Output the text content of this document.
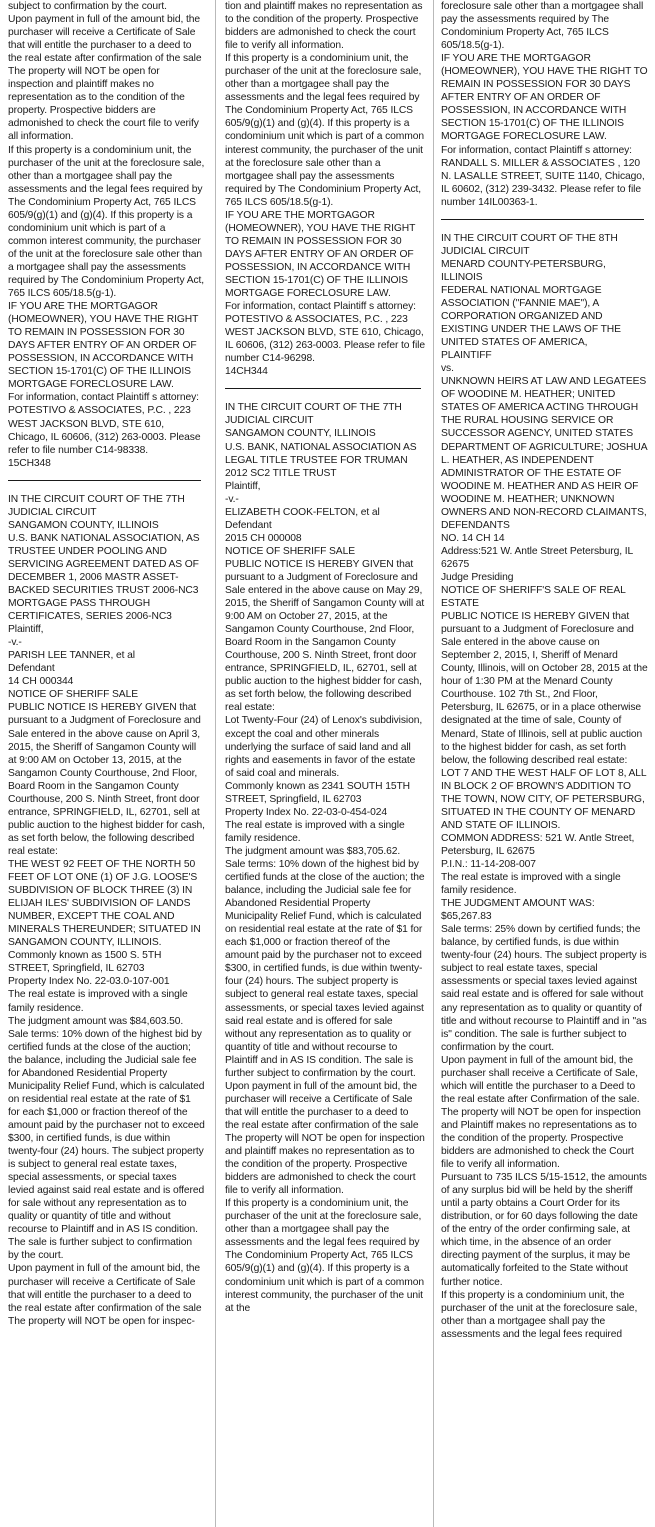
subject to confirmation by the court.
Upon payment in full of the amount bid, the purchaser will receive a Certificate of Sale that will entitle the purchaser to a deed to the real estate after confirmation of the sale

The property will NOT be open for inspection and plaintiff makes no representation as to the condition of the property. Prospective bidders are admonished to check the court file to verify all information.

If this property is a condominium unit, the purchaser of the unit at the foreclosure sale, other than a mortgagee shall pay the assessments and the legal fees required by The Condominium Property Act, 765 ILCS 605/9(g)(1) and (g)(4). If this property is a condominium unit which is part of a common interest community, the purchaser of the unit at the foreclosure sale other than a mortgagee shall pay the assessments required by The Condominium Property Act, 765 ILCS 605/18.5(g-1).

IF YOU ARE THE MORTGAGOR (HOMEOWNER), YOU HAVE THE RIGHT TO REMAIN IN POSSESSION FOR 30 DAYS AFTER ENTRY OF AN ORDER OF POSSESSION, IN ACCORDANCE WITH SECTION 15-1701(C) OF THE ILLINOIS MORTGAGE FORECLOSURE LAW.

For information, contact Plaintiff s attorney: POTESTIVO & ASSOCIATES, P.C. , 223 WEST JACKSON BLVD, STE 610, Chicago, IL 60606, (312) 263-0003. Please refer to file number C14-98338.

15CH348

IN THE CIRCUIT COURT OF THE 7TH JUDICIAL CIRCUIT
SANGAMON COUNTY, ILLINOIS
U.S. BANK NATIONAL ASSOCIATION, AS TRUSTEE UNDER POOLING AND SERVICING AGREEMENT DATED AS OF DECEMBER 1, 2006 MASTR ASSET-BACKED SECURITIES TRUST 2006-NC3 MORTGAGE PASS THROUGH CERTIFICATES, SERIES 2006-NC3
Plaintiff,
-v.-
PARISH LEE TANNER, et al
Defendant
14 CH 000344
NOTICE OF SHERIFF SALE

PUBLIC NOTICE IS HEREBY GIVEN that pursuant to a Judgment of Foreclosure and Sale entered in the above cause on April 3, 2015, the Sheriff of Sangamon County will at 9:00 AM on October 13, 2015, at the Sangamon County Courthouse, 2nd Floor, Board Room in the Sangamon County Courthouse, 200 S. Ninth Street, front door entrance, SPRINGFIELD, IL, 62701, sell at public auction to the highest bidder for cash, as set forth below, the following described real estate:

THE WEST 92 FEET OF THE NORTH 50 FEET OF LOT ONE (1) OF J.G. LOOSE'S SUBDIVISION OF BLOCK THREE (3) IN ELIJAH ILES' SUBDIVISION OF LANDS NUMBER, EXCEPT THE COAL AND MINERALS THEREUNDER; SITUATED IN SANGAMON COUNTY, ILLINOIS.

Commonly known as 1500 S. 5TH STREET, Springfield, IL 62703
Property Index No. 22-03.0-107-001

The real estate is improved with a single family residence.

The judgment amount was $84,603.50.

Sale terms: 10% down of the highest bid by certified funds at the close of the auction; the balance, including the Judicial sale fee for Abandoned Residential Property Municipality Relief Fund, which is calculated on residential real estate at the rate of $1 for each $1,000 or fraction thereof of the amount paid by the purchaser not to exceed $300, in certified funds, is due within twenty-four (24) hours. The subject property is subject to general real estate taxes, special assessments, or special taxes levied against said real estate and is offered for sale without any representation as to quality or quantity of title and without recourse to Plaintiff and in AS IS condition. The sale is further subject to confirmation by the court.

Upon payment in full of the amount bid, the purchaser will receive a Certificate of Sale that will entitle the purchaser to a deed to the real estate after confirmation of the sale

The property will NOT be open for inspec-

tion and plaintiff makes no representation as to the condition of the property. Prospective bidders are admonished to check the court file to verify all information.

If this property is a condominium unit, the purchaser of the unit at the foreclosure sale, other than a mortgagee shall pay the assessments and the legal fees required by The Condominium Property Act, 765 ILCS 605/9(g)(1) and (g)(4). If this property is a condominium unit which is part of a common interest community, the purchaser of the unit at the foreclosure sale other than a mortgagee shall pay the assessments required by The Condominium Property Act, 765 ILCS 605/18.5(g-1).

IF YOU ARE THE MORTGAGOR (HOMEOWNER), YOU HAVE THE RIGHT TO REMAIN IN POSSESSION FOR 30 DAYS AFTER ENTRY OF AN ORDER OF POSSESSION, IN ACCORDANCE WITH SECTION 15-1701(C) OF THE ILLINOIS MORTGAGE FORECLOSURE LAW.

For information, contact Plaintiff s attorney: POTESTIVO & ASSOCIATES, P.C. , 223 WEST JACKSON BLVD, STE 610, Chicago, IL 60606, (312) 263-0003. Please refer to file number C14-96298.

14CH344

IN THE CIRCUIT COURT OF THE 7TH JUDICIAL CIRCUIT
SANGAMON COUNTY, ILLINOIS
U.S. BANK, NATIONAL ASSOCIATION AS LEGAL TITLE TRUSTEE FOR TRUMAN 2012 SC2 TITLE TRUST
Plaintiff,
-v.-
ELIZABETH COOK-FELTON, et al
Defendant
2015 CH 000008
NOTICE OF SHERIFF SALE

PUBLIC NOTICE IS HEREBY GIVEN that pursuant to a Judgment of Foreclosure and Sale entered in the above cause on May 29, 2015, the Sheriff of Sangamon County will at 9:00 AM on October 27, 2015, at the Sangamon County Courthouse, 2nd Floor, Board Room in the Sangamon County Courthouse, 200 S. Ninth Street, front door entrance, SPRINGFIELD, IL, 62701, sell at public auction to the highest bidder for cash, as set forth below, the following described real estate:

Lot Twenty-Four (24) of Lenox's subdivision, except the coal and other minerals underlying the surface of said land and all rights and easements in favor of the estate of said coal and minerals.

Commonly known as 2341 SOUTH 15TH STREET, Springfield, IL 62703
Property Index No. 22-03-0-454-024

The real estate is improved with a single family residence.

The judgment amount was $83,705.62.

Sale terms: 10% down of the highest bid by certified funds at the close of the auction; the balance, including the Judicial sale fee for Abandoned Residential Property Municipality Relief Fund, which is calculated on residential real estate at the rate of $1 for each $1,000 or fraction thereof of the amount paid by the purchaser not to exceed $300, in certified funds, is due within twenty-four (24) hours. The subject property is subject to general real estate taxes, special assessments, or special taxes levied against said real estate and is offered for sale without any representation as to quality or quantity of title and without recourse to Plaintiff and in AS IS condition. The sale is further subject to confirmation by the court.

Upon payment in full of the amount bid, the purchaser will receive a Certificate of Sale that will entitle the purchaser to a deed to the real estate after confirmation of the sale

The property will NOT be open for inspection and plaintiff makes no representation as to the condition of the property. Prospective bidders are admonished to check the court file to verify all information.

If this property is a condominium unit, the purchaser of the unit at the foreclosure sale, other than a mortgagee shall pay the assessments and the legal fees required by The Condominium Property Act, 765 ILCS 605/9(g)(1) and (g)(4). If this property is a condominium unit which is part of a common interest community, the purchaser of the unit at the

foreclosure sale other than a mortgagee shall pay the assessments required by The Condominium Property Act, 765 ILCS 605/18.5(g-1).

IF YOU ARE THE MORTGAGOR (HOMEOWNER), YOU HAVE THE RIGHT TO REMAIN IN POSSESSION FOR 30 DAYS AFTER ENTRY OF AN ORDER OF POSSESSION, IN ACCORDANCE WITH SECTION 15-1701(C) OF THE ILLINOIS MORTGAGE FORECLOSURE LAW.

For information, contact Plaintiff s attorney: RANDALL S. MILLER & ASSOCIATES , 120 N. LASALLE STREET, SUITE 1140, Chicago, IL 60602, (312) 239-3432. Please refer to file number 14IL00363-1.

IN THE CIRCUIT COURT OF THE 8TH JUDICIAL CIRCUIT
MENARD COUNTY-PETERSBURG, ILLINOIS
FEDERAL NATIONAL MORTGAGE ASSOCIATION ("FANNIE MAE"), A CORPORATION ORGANIZED AND EXISTING UNDER THE LAWS OF THE UNITED STATES OF AMERICA,
PLAINTIFF
vs.
UNKNOWN HEIRS AT LAW AND LEGATEES OF WOODINE M. HEATHER; UNITED STATES OF AMERICA ACTING THROUGH THE RURAL HOUSING SERVICE OR SUCCESSOR AGENCY, UNITED STATES DEPARTMENT OF AGRICULTURE; JOSHUA L. HEATHER, AS INDEPENDENT ADMINISTRATOR OF THE ESTATE OF WOODINE M. HEATHER AND AS HEIR OF WOODINE M. HEATHER; UNKNOWN OWNERS AND NON-RECORD CLAIMANTS,
DEFENDANTS
NO. 14 CH 14
Address:521 W. Antle Street Petersburg, IL 62675
Judge Presiding
NOTICE OF SHERIFF'S SALE OF REAL ESTATE

PUBLIC NOTICE IS HEREBY GIVEN that pursuant to a Judgment of Foreclosure and Sale entered in the above cause on September 2, 2015, I, Sheriff of Menard County, Illinois, will on October 28, 2015 at the hour of 1:30 PM at the Menard County Courthouse. 102 7th St., 2nd Floor, Petersburg, IL 62675, or in a place otherwise designated at the time of sale, County of Menard, State of Illinois, sell at public auction to the highest bidder for cash, as set forth below, the following described real estate:

LOT 7 AND THE WEST HALF OF LOT 8, ALL IN BLOCK 2 OF BROWN'S ADDITION TO THE TOWN, NOW CITY, OF PETERSBURG, SITUATED IN THE COUNTY OF MENARD AND STATE OF ILLINOIS.

COMMON ADDRESS: 521 W. Antle Street, Petersburg, IL 62675
P.I.N.: 11-14-208-007

The real estate is improved with a single family residence.

THE JUDGMENT AMOUNT WAS:
$65,267.83

Sale terms: 25% down by certified funds; the balance, by certified funds, is due within twenty-four (24) hours. The subject property is subject to real estate taxes, special assessments or special taxes levied against said real estate and is offered for sale without any representation as to quality or quantity of title and without recourse to Plaintiff and in "as is" condition. The sale is further subject to confirmation by the court.

Upon payment in full of the amount bid, the purchaser shall receive a Certificate of Sale, which will entitle the purchaser to a Deed to the real estate after Confirmation of the sale. The property will NOT be open for inspection and Plaintiff makes no representations as to the condition of the property. Prospective bidders are admonished to check the Court file to verify all information.

Pursuant to 735 ILCS 5/15-1512, the amounts of any surplus bid will be held by the sheriff until a party obtains a Court Order for its distribution, or for 60 days following the date of the entry of the order confirming sale, at which time, in the absence of an order directing payment of the surplus, it may be automatically forfeited to the State without further notice.

If this property is a condominium unit, the purchaser of the unit at the foreclosure sale, other than a mortgagee shall pay the assessments and the legal fees required
